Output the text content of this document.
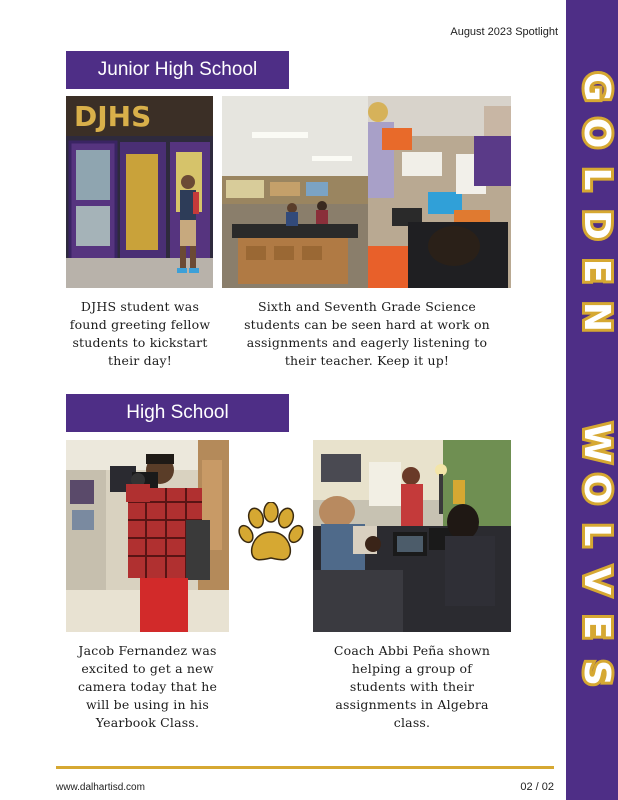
August 2023 Spotlight
G
O
L
D
E
N
W
O
L
V
E
S
Junior High School
DJHS
DJHS student was found greeting fellow students to kickstart their day!
Sixth and Seventh Grade Science students can be seen hard at work on assignments and eagerly listening to their teacher. Keep it up!
High School
Jacob Fernandez was excited to get a new camera today that he will be using in his Yearbook Class.
Coach Abbi Peña shown helping a group of students with their assignments in Algebra class.
www.dalhartisd.com	02 / 02
